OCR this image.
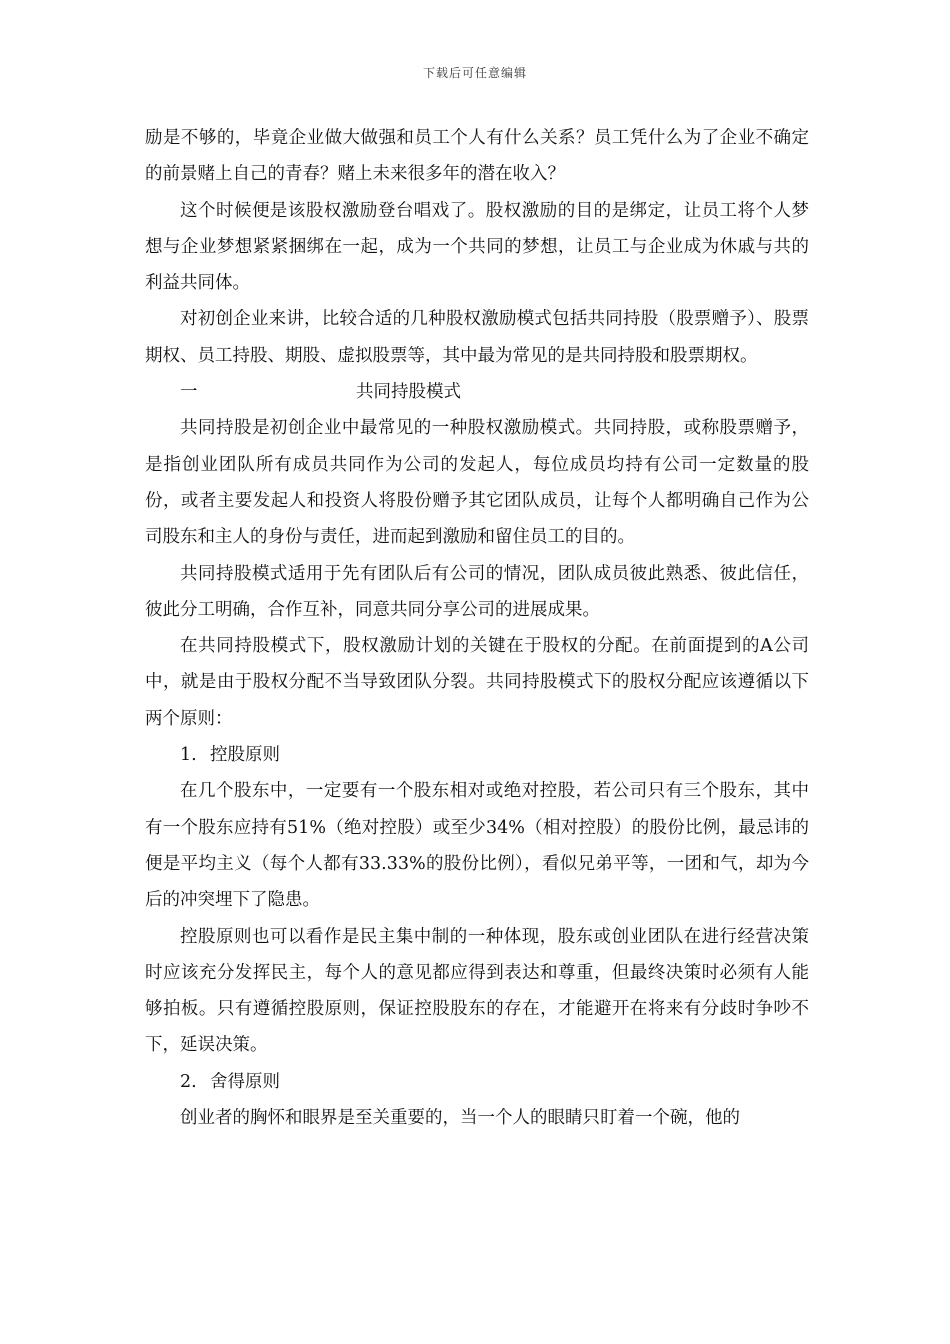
下载后可任意编辑

励是不够的，毕竟企业做大做强和员工个人有什么关系？员工凭什么为了企业不确定的前景赌上自己的青春？赌上未来很多年的潜在收入？

这个时候便是该股权激励登台唱戏了。股权激励的目的是绑定，让员工将个人梦想与企业梦想紧紧捆绑在一起，成为一个共同的梦想，让员工与企业成为休戚与共的利益共同体。

对初创企业来讲，比较合适的几种股权激励模式包括共同持股（股票赠予）、股票期权、员工持股、期股、虚拟股票等，其中最为常见的是共同持股和股票期权。

一	共同持股模式

共同持股是初创企业中最常见的一种股权激励模式。共同持股，或称股票赠予，是指创业团队所有成员共同作为公司的发起人，每位成员均持有公司一定数量的股份，或者主要发起人和投资人将股份赠予其它团队成员，让每个人都明确自己作为公司股东和主人的身份与责任，进而起到激励和留住员工的目的。

共同持股模式适用于先有团队后有公司的情况，团队成员彼此熟悉、彼此信任，彼此分工明确，合作互补，同意共同分享公司的进展成果。

在共同持股模式下，股权激励计划的关键在于股权的分配。在前面提到的A公司中，就是由于股权分配不当导致团队分裂。共同持股模式下的股权分配应该遵循以下两个原则：

1. 控股原则

在几个股东中，一定要有一个股东相对或绝对控股，若公司只有三个股东，其中有一个股东应持有51%（绝对控股）或至少34%（相对控股）的股份比例，最忌讳的便是平均主义（每个人都有33.33%的股份比例），看似兄弟平等，一团和气，却为今后的冲突埋下了隐患。

控股原则也可以看作是民主集中制的一种体现，股东或创业团队在进行经营决策时应该充分发挥民主，每个人的意见都应得到表达和尊重，但最终决策时必须有人能够拍板。只有遵循控股原则，保证控股股东的存在，才能避开在将来有分歧时争吵不下，延误决策。

2. 舍得原则

创业者的胸怀和眼界是至关重要的，当一个人的眼睛只盯着一个碗，他的
